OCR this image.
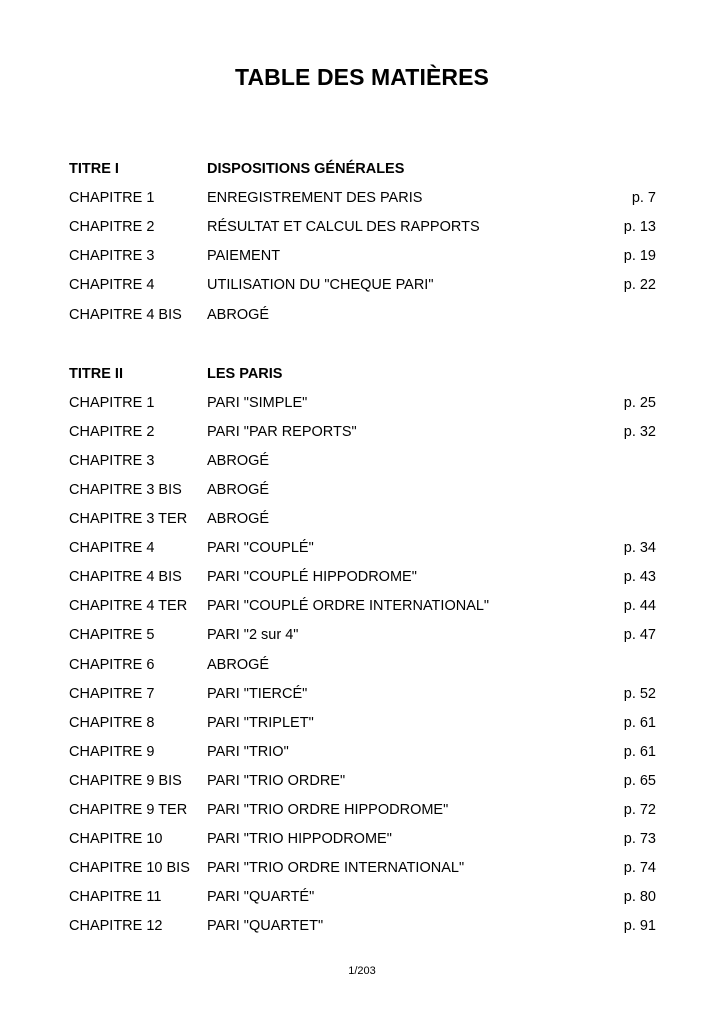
TABLE DES MATIÈRES
TITRE I	DISPOSITIONS GÉNÉRALES
CHAPITRE 1	ENREGISTREMENT DES PARIS	p. 7
CHAPITRE 2	RÉSULTAT ET CALCUL DES RAPPORTS	p. 13
CHAPITRE 3	PAIEMENT	p. 19
CHAPITRE 4	UTILISATION DU "CHEQUE PARI"	p. 22
CHAPITRE 4 BIS	ABROGÉ
TITRE II	LES PARIS
CHAPITRE 1	PARI "SIMPLE"	p. 25
CHAPITRE 2	PARI "PAR REPORTS"	p. 32
CHAPITRE 3	ABROGÉ
CHAPITRE 3 BIS	ABROGÉ
CHAPITRE 3 TER	ABROGÉ
CHAPITRE 4	PARI "COUPLÉ"	p. 34
CHAPITRE 4 BIS	PARI "COUPLÉ HIPPODROME"	p. 43
CHAPITRE 4 TER	PARI "COUPLÉ ORDRE INTERNATIONAL"	p. 44
CHAPITRE 5	PARI "2 sur 4"	p. 47
CHAPITRE 6	ABROGÉ
CHAPITRE 7	PARI "TIERCÉ"	p. 52
CHAPITRE 8	PARI "TRIPLET"	p. 61
CHAPITRE 9	PARI "TRIO"	p. 61
CHAPITRE 9 BIS	PARI "TRIO ORDRE"	p. 65
CHAPITRE 9 TER	PARI "TRIO ORDRE HIPPODROME"	p. 72
CHAPITRE 10	PARI "TRIO HIPPODROME"	p. 73
CHAPITRE 10 BIS	PARI "TRIO ORDRE INTERNATIONAL"	p. 74
CHAPITRE 11	PARI "QUARTÉ"	p. 80
CHAPITRE 12	PARI "QUARTET"	p. 91
1/203
